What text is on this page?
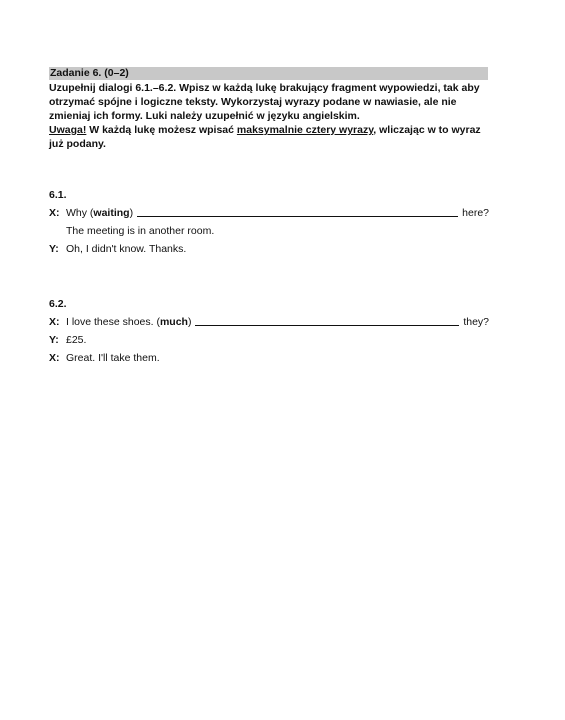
Zadanie 6. (0–2)

Uzupełnij dialogi 6.1.–6.2. Wpisz w każdą lukę brakujący fragment wypowiedzi, tak aby

otrzymać spójne i logiczne teksty. Wykorzystaj wyrazy podane w nawiasie, ale nie

zmieniaj ich formy. Luki należy uzupełnić w języku angielskim.

Uwaga! W każdą lukę możesz wpisać maksymalnie cztery wyrazy, wliczając w to wyraz

już podany.

6.1.
X: Why (waiting)	here?
The meeting is in another room.
Y: Oh, I didn't know. Thanks.
6.2.
X: I love these shoes. (much)	they?
Y: £25.
X: Great. I'll take them.
